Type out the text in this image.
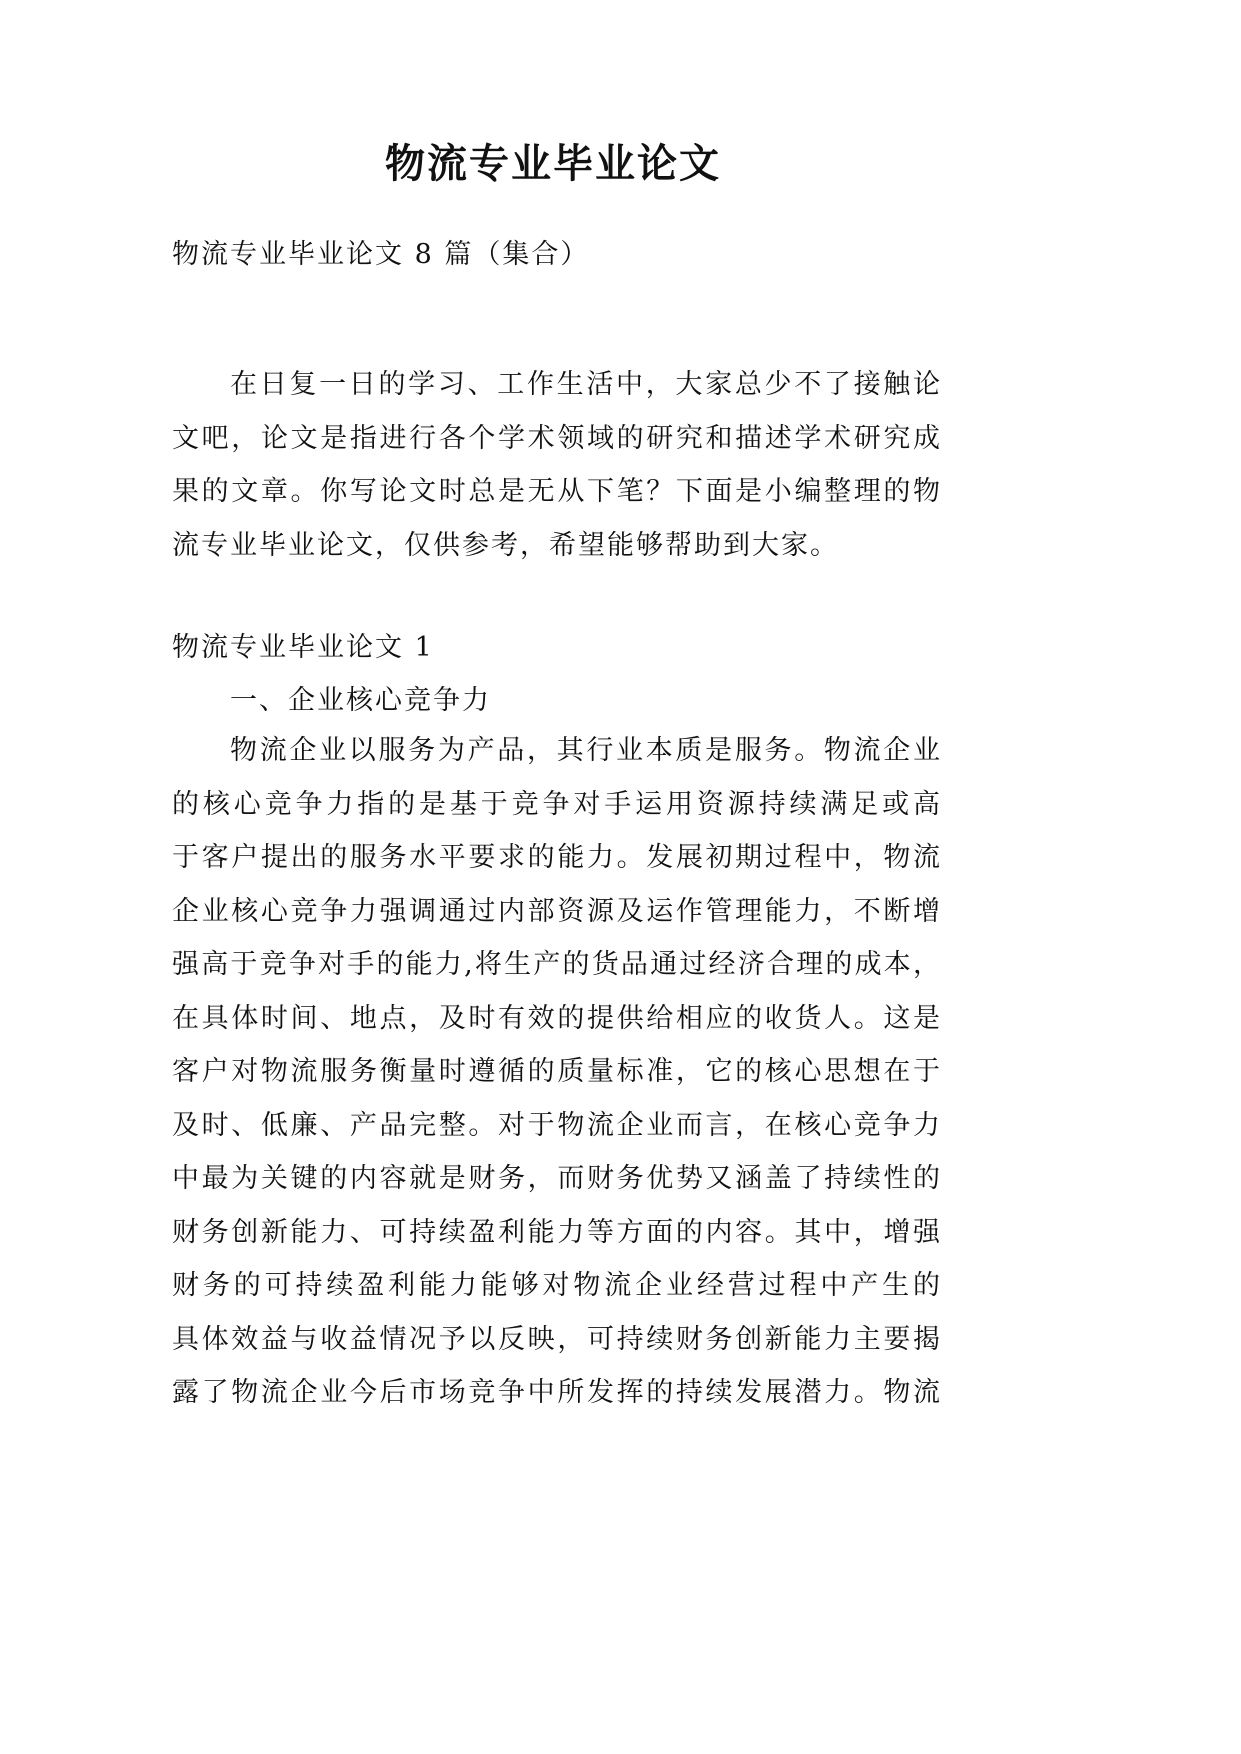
物流专业毕业论文
物流专业毕业论文 8 篇（集合）
在日复一日的学习、工作生活中，大家总少不了接触论
文吧，论文是指进行各个学术领域的研究和描述学术研究成
果的文章。你写论文时总是无从下笔？下面是小编整理的物
流专业毕业论文，仅供参考，希望能够帮助到大家。
物流专业毕业论文 1
一、企业核心竞争力
物流企业以服务为产品，其行业本质是服务。物流企业
的核心竞争力指的是基于竞争对手运用资源持续满足或高
于客户提出的服务水平要求的能力。发展初期过程中，物流
企业核心竞争力强调通过内部资源及运作管理能力，不断增
强高于竞争对手的能力,将生产的货品通过经济合理的成本，
在具体时间、地点，及时有效的提供给相应的收货人。这是
客户对物流服务衡量时遵循的质量标准，它的核心思想在于
及时、低廉、产品完整。对于物流企业而言，在核心竞争力
中最为关键的内容就是财务，而财务优势又涵盖了持续性的
财务创新能力、可持续盈利能力等方面的内容。其中，增强
财务的可持续盈利能力能够对物流企业经营过程中产生的
具体效益与收益情况予以反映，可持续财务创新能力主要揭
露了物流企业今后市场竞争中所发挥的持续发展潜力。物流
